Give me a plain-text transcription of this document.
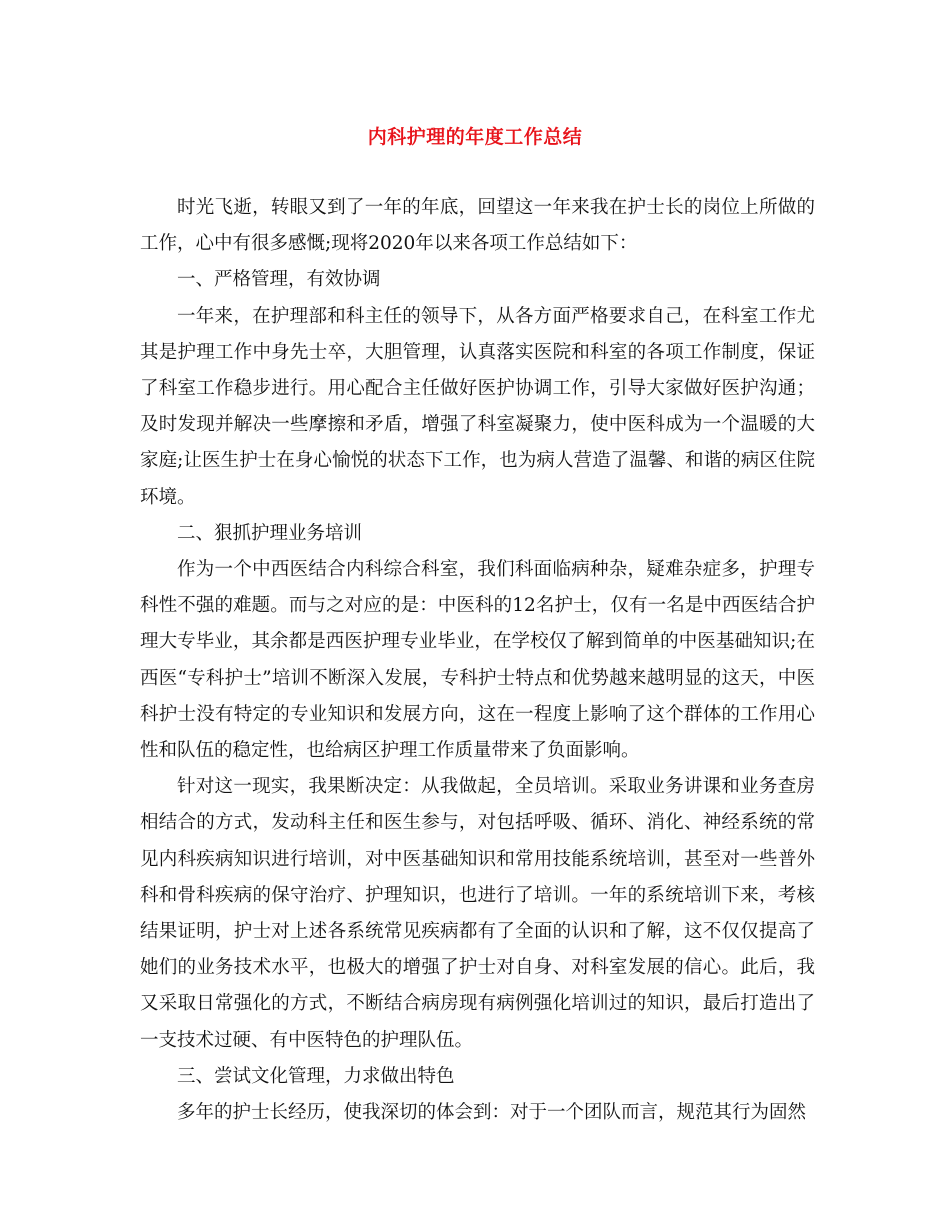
内科护理的年度工作总结

时光飞逝，转眼又到了一年的年底，回望这一年来我在护士长的岗位上所做的工作，心中有很多感慨;现将2020年以来各项工作总结如下：

一、严格管理，有效协调

一年来，在护理部和科主任的领导下，从各方面严格要求自己，在科室工作尤其是护理工作中身先士卒，大胆管理，认真落实医院和科室的各项工作制度，保证了科室工作稳步进行。用心配合主任做好医护协调工作，引导大家做好医护沟通；及时发现并解决一些摩擦和矛盾，增强了科室凝聚力，使中医科成为一个温暖的大家庭;让医生护士在身心愉悦的状态下工作，也为病人营造了温馨、和谐的病区住院环境。

二、狠抓护理业务培训

作为一个中西医结合内科综合科室，我们科面临病种杂，疑难杂症多，护理专科性不强的难题。而与之对应的是：中医科的12名护士，仅有一名是中西医结合护理大专毕业，其余都是西医护理专业毕业，在学校仅了解到简单的中医基础知识;在西医“专科护士”培训不断深入发展，专科护士特点和优势越来越明显的这天，中医科护士没有特定的专业知识和发展方向，这在一程度上影响了这个群体的工作用心性和队伍的稳定性，也给病区护理工作质量带来了负面影响。

针对这一现实，我果断决定：从我做起，全员培训。采取业务讲课和业务查房相结合的方式，发动科主任和医生参与，对包括呼吸、循环、消化、神经系统的常见内科疾病知识进行培训，对中医基础知识和常用技能系统培训，甚至对一些普外科和骨科疾病的保守治疗、护理知识，也进行了培训。一年的系统培训下来，考核结果证明，护士对上述各系统常见疾病都有了全面的认识和了解，这不仅仅提高了她们的业务技术水平，也极大的增强了护士对自身、对科室发展的信心。此后，我又采取日常强化的方式，不断结合病房现有病例强化培训过的知识，最后打造出了一支技术过硬、有中医特色的护理队伍。

三、尝试文化管理，力求做出特色

多年的护士长经历，使我深切的体会到：对于一个团队而言，规范其行为固然
